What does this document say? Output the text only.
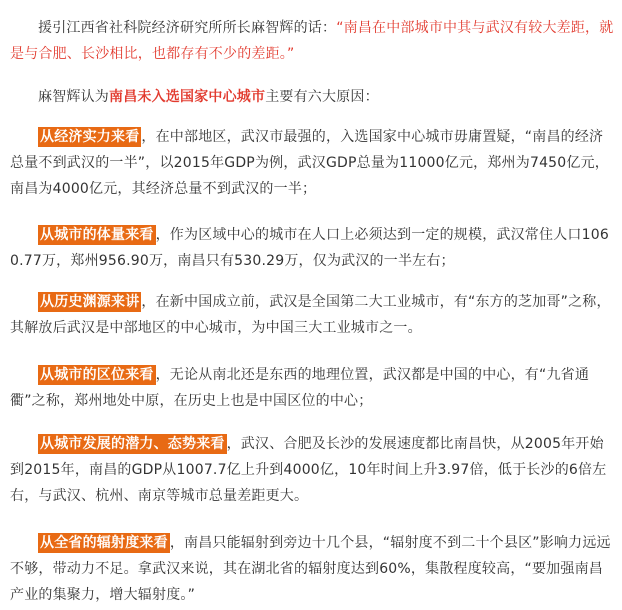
援引江西省社科院经济研究所所长麻智辉的话：“南昌在中部城市中其与武汉有较大差距，就是与合肥、长沙相比，也都存有不少的差距。”

麻智辉认为南昌未入选国家中心城市主要有六大原因：

从经济实力来看 ，在中部地区，武汉市最强的，入选国家中心城市毋庸置疑，“南昌的经济总量不到武汉的一半”，以2015年GDP为例，武汉GDP总量为11000亿元，郑州为7450亿元，南昌为4000亿元，其经济总量不到武汉的一半；

从城市的体量来看 ，作为区域中心的城市在人口上必须达到一定的规模，武汉常住人口1060.77万，郑州956.90万，南昌只有530.29万，仅为武汉的一半左右；

从历史渊源来讲 ，在新中国成立前，武汉是全国第二大工业城市，有“东方的芝加哥”之称，其解放后武汉是中部地区的中心城市，为中国三大工业城市之一。

从城市的区位来看 ，无论从南北还是东西的地理位置，武汉都是中国的中心，有“九省通衢”之称，郑州地处中原，在历史上也是中国区位的中心；

从城市发展的潜力、态势来看 ，武汉、合肥及长沙的发展速度都比南昌快，从2005年开始到2015年，南昌的GDP从1007.7亿上升到4000亿，10年时间上升3.97倍，低于长沙的6倍左右，与武汉、杭州、南京等城市总量差距更大。

从全省的辐射度来看 ，南昌只能辐射到旁边十几个县，“辐射度不到二十个县区”影响力远远不够，带动力不足。拿武汉来说，其在湖北省的辐射度达到60%，集散程度较高，“要加强南昌产业的集聚力，增大辐射度。”
